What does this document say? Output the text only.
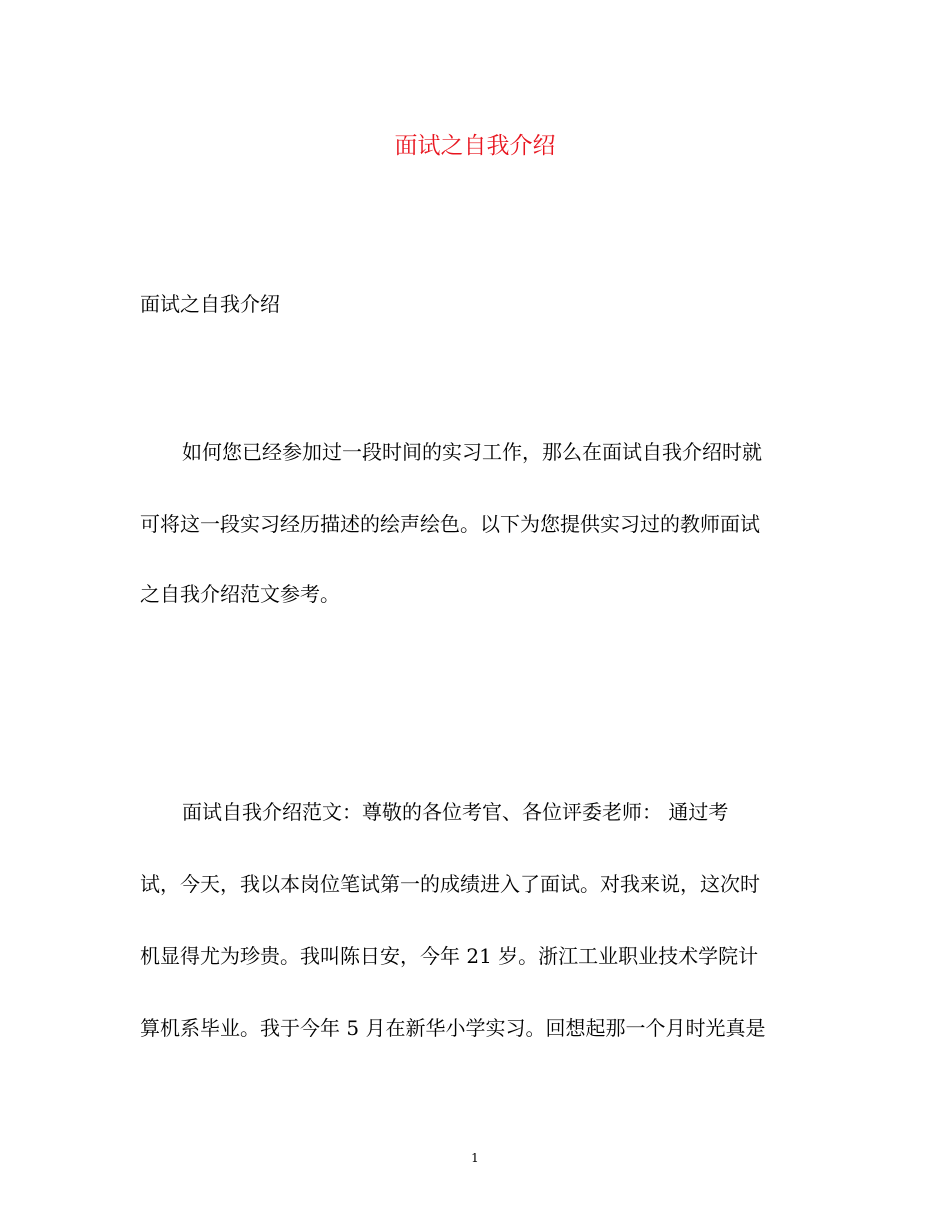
面试之自我介绍

面试之自我介绍

如何您已经参加过一段时间的实习工作，那么在面试自我介绍时就

可将这一段实习经历描述的绘声绘色。以下为您提供实习过的教师面试

之自我介绍范文参考。

面试自我介绍范文：尊敬的各位考官、各位评委老师： 通过考

试，今天，我以本岗位笔试第一的成绩进入了面试。对我来说，这次时

机显得尤为珍贵。我叫陈日安，今年 21 岁。浙江工业职业技术学院计

算机系毕业。我于今年 5 月在新华小学实习。回想起那一个月时光真是

1
